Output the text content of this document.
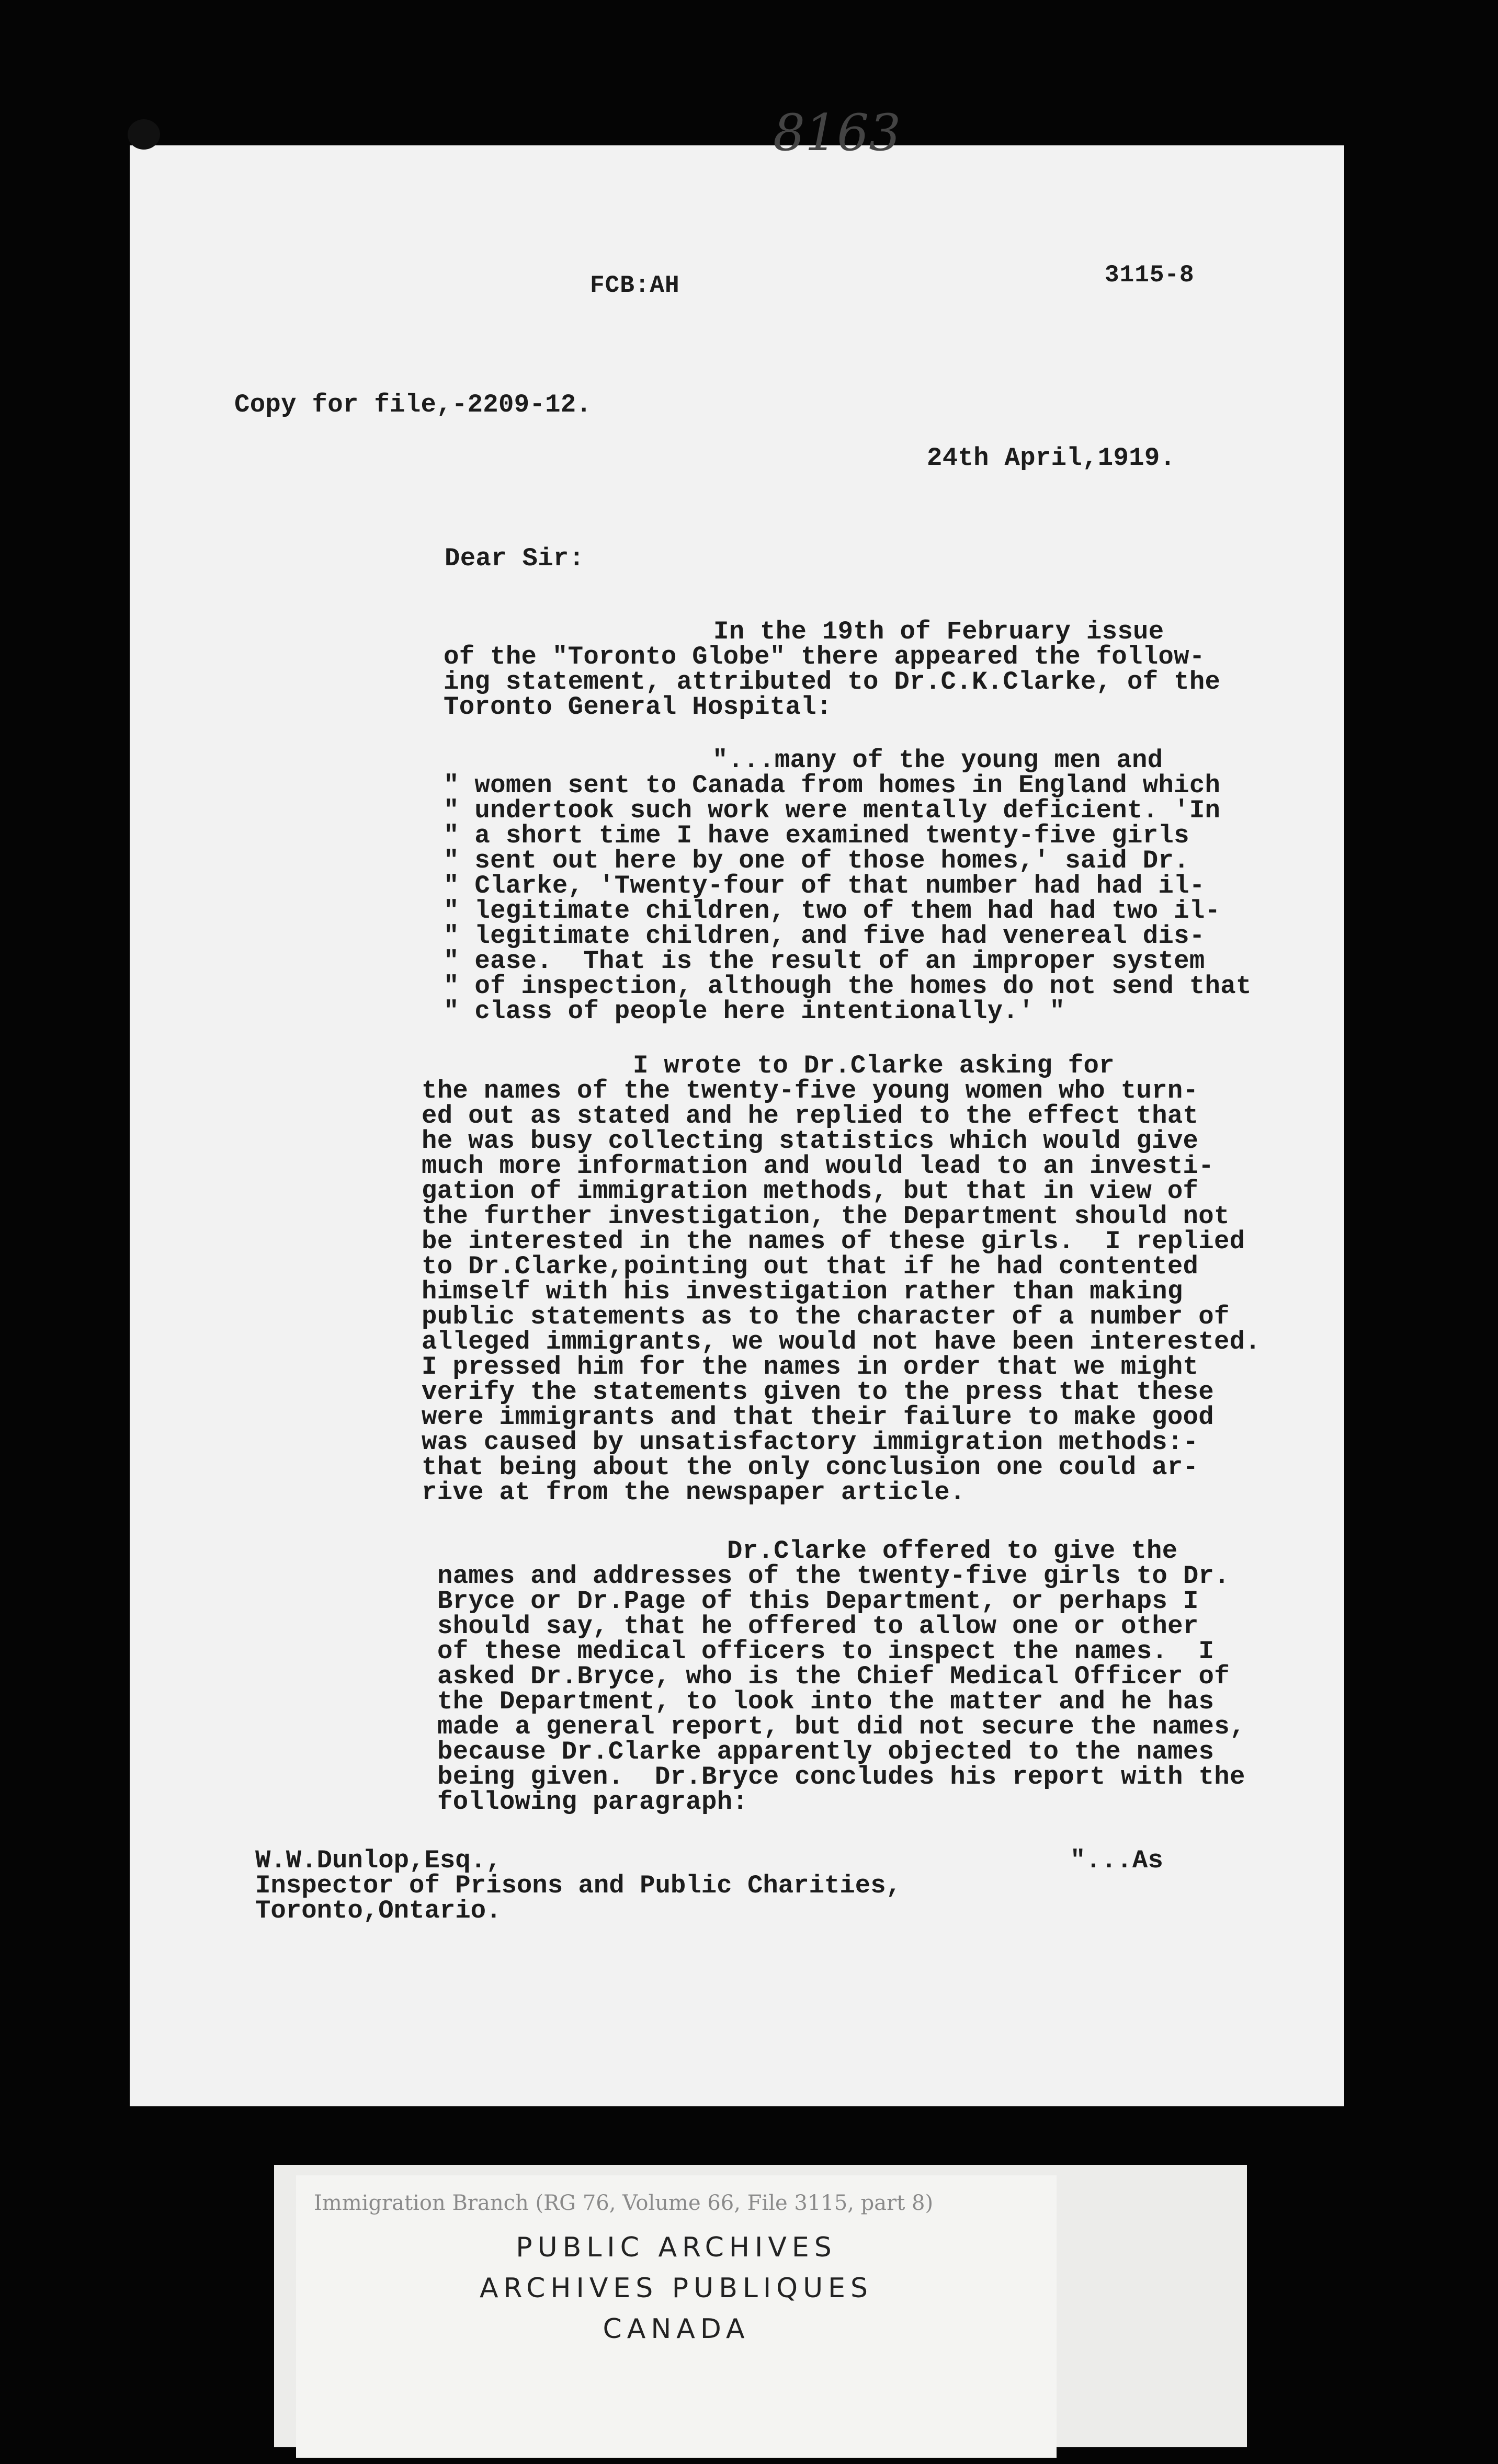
FCB:AH
8163
3115-8
Copy for file,-2209-12.
24th April,1919.
Dear Sir:
In the 19th of February issue
of the "Toronto Globe" there appeared the follow-
ing statement, attributed to Dr.C.K.Clarke, of the
Toronto General Hospital:
"...many of the young men and
" women sent to Canada from homes in England which
" undertook such work were mentally deficient. 'In
" a short time I have examined twenty-five girls
" sent out here by one of those homes,' said Dr.
" Clarke, 'Twenty-four of that number had had il-
" legitimate children, two of them had had two il-
" legitimate children, and five had venereal dis-
" ease.  That is the result of an improper system
" of inspection, although the homes do not send that
" class of people here intentionally.' "
I wrote to Dr.Clarke asking for
the names of the twenty-five young women who turn-
ed out as stated and he replied to the effect that
he was busy collecting statistics which would give
much more information and would lead to an investi-
gation of immigration methods, but that in view of
the further investigation, the Department should not
be interested in the names of these girls.  I replied
to Dr.Clarke,pointing out that if he had contented
himself with his investigation rather than making
public statements as to the character of a number of
alleged immigrants, we would not have been interested.
I pressed him for the names in order that we might
verify the statements given to the press that these
were immigrants and that their failure to make good
was caused by unsatisfactory immigration methods:-
that being about the only conclusion one could ar-
rive at from the newspaper article.
Dr.Clarke offered to give the
names and addresses of the twenty-five girls to Dr.
Bryce or Dr.Page of this Department, or perhaps I
should say, that he offered to allow one or other
of these medical officers to inspect the names.  I
asked Dr.Bryce, who is the Chief Medical Officer of
the Department, to look into the matter and he has
made a general report, but did not secure the names,
because Dr.Clarke apparently objected to the names
being given.  Dr.Bryce concludes his report with the
following paragraph:
W.W.Dunlop,Esq.,
Inspector of Prisons and Public Charities,
Toronto,Ontario.
"...As
Immigration Branch (RG 76, Volume 66, File 3115, part 8)
PUBLIC ARCHIVES
ARCHIVES PUBLIQUES
CANADA
